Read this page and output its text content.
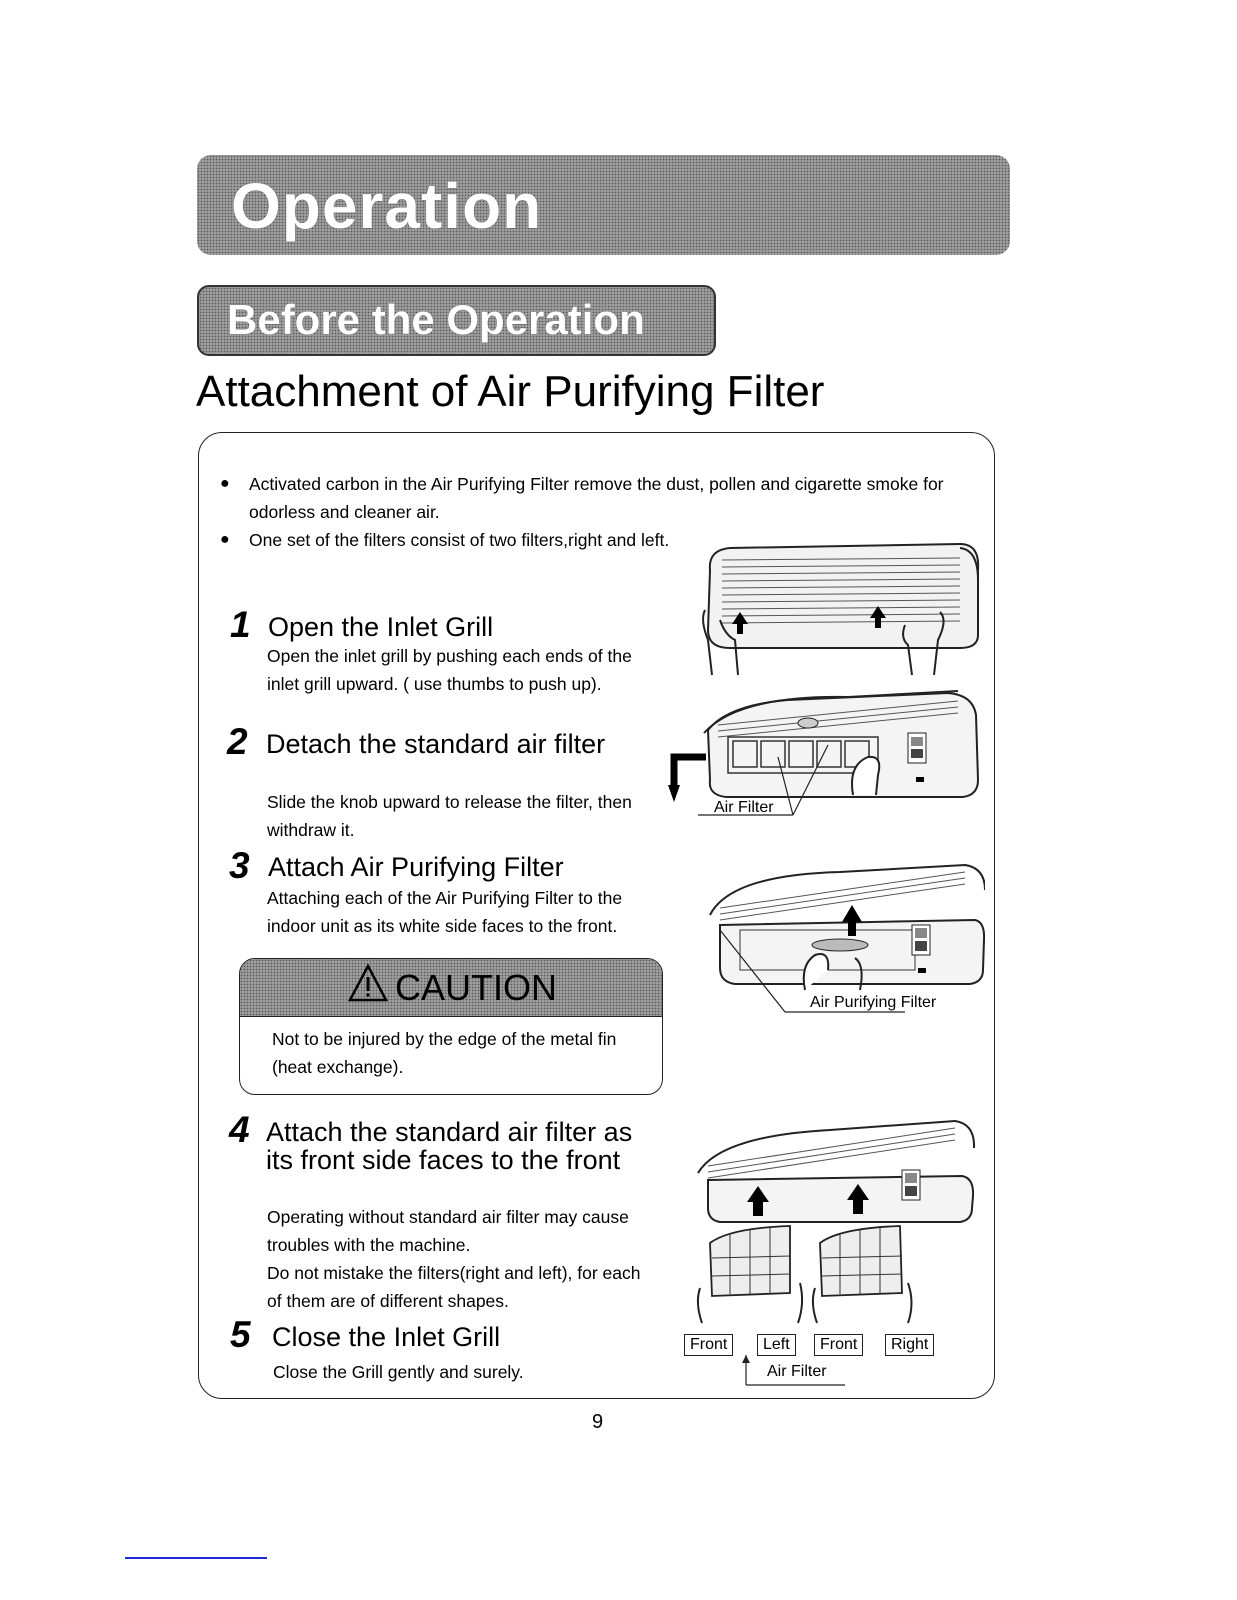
Operation
Before the Operation
Attachment of Air Purifying Filter
● Activated carbon in the Air Purifying Filter remove the dust, pollen and cigarette smoke for odorless and cleaner air.
● One set of the filters consist of two filters,right and left.
1 Open the Inlet Grill
Open the inlet grill by pushing each ends of the inlet grill upward. ( use thumbs to push up).
2 Detach the standard air filter
Slide the knob upward to release the filter, then withdraw it.
3 Attach Air Purifying Filter
Attaching each of the Air Purifying Filter to the indoor unit as its white side faces to the front.
CAUTION
Not to be injured by the edge of the metal fin (heat exchange).
4 Attach the standard air filter as its front side faces to the front
Operating without standard air filter may cause troubles with the machine.
Do not mistake the filters(right and left), for each of them are of different shapes.
5 Close the Inlet Grill
Close the Grill gently and surely.
Air Filter
Air Purifying Filter
Front	Left	Front	Right
Air Filter
9
